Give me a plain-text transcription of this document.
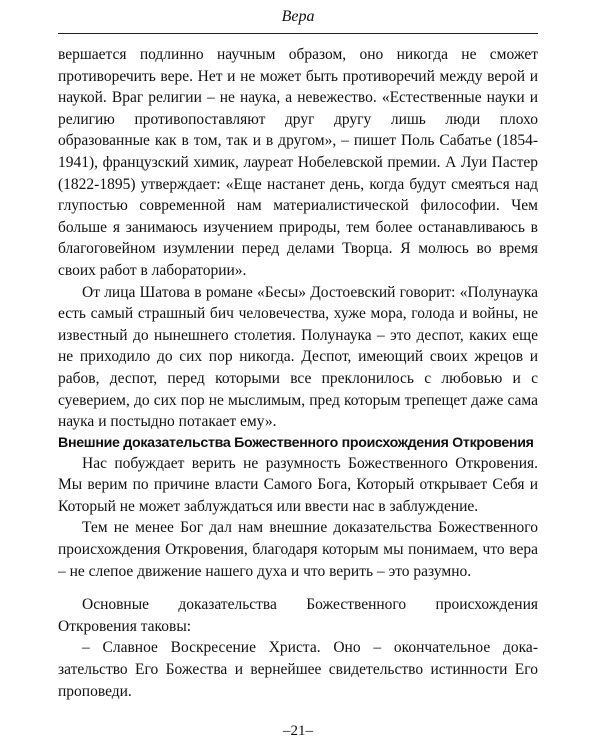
Вера

вершается подлинно научным образом, оно никогда не сможет противоречить вере. Нет и не может быть противоречий между верой и наукой. Враг религии – не наука, а невежество. «Естественные науки и религию противопоставляют друг другу лишь люди плохо образованные как в том, так и в другом», – пишет Поль Сабатье (1854-1941), французский химик, лауреат Нобелевской премии. А Луи Пастер (1822-1895) утверждает: «Еще настанет день, когда будут смеяться над глупостью современной нам материалистической философии. Чем больше я занимаюсь изучением природы, тем более останавливаюсь в благоговейном изумлении перед делами Творца. Я молюсь во время своих работ в лаборатории».

От лица Шатова в романе «Бесы» Достоевский говорит: «Полунаука есть самый страшный бич человечества, хуже мора, голода и войны, не известный до нынешнего столетия. Полунаука – это деспот, каких еще не приходило до сих пор никогда. Деспот, имеющий своих жрецов и рабов, деспот, перед которыми все преклонилось с любовью и с суеверием, до сих пор не мыслимым, пред которым трепещет даже сама наука и постыдно потакает ему».

Внешние доказательства Божественного происхождения Откровения

Нас побуждает верить не разумность Божественного Откровения. Мы верим по причине власти Самого Бога, Который открывает Себя и Который не может заблуждаться или ввести нас в заблуждение.

Тем не менее Бог дал нам внешние доказательства Божественного происхождения Откровения, благодаря которым мы понимаем, что вера – не слепое движение нашего духа и что верить – это разумно.

Основные доказательства Божественного происхождения Откровения таковы:

– Славное Воскресение Христа. Оно – окончательное доказательство Его Божества и вернейшее свидетельство истинности Его проповеди.

–21–
